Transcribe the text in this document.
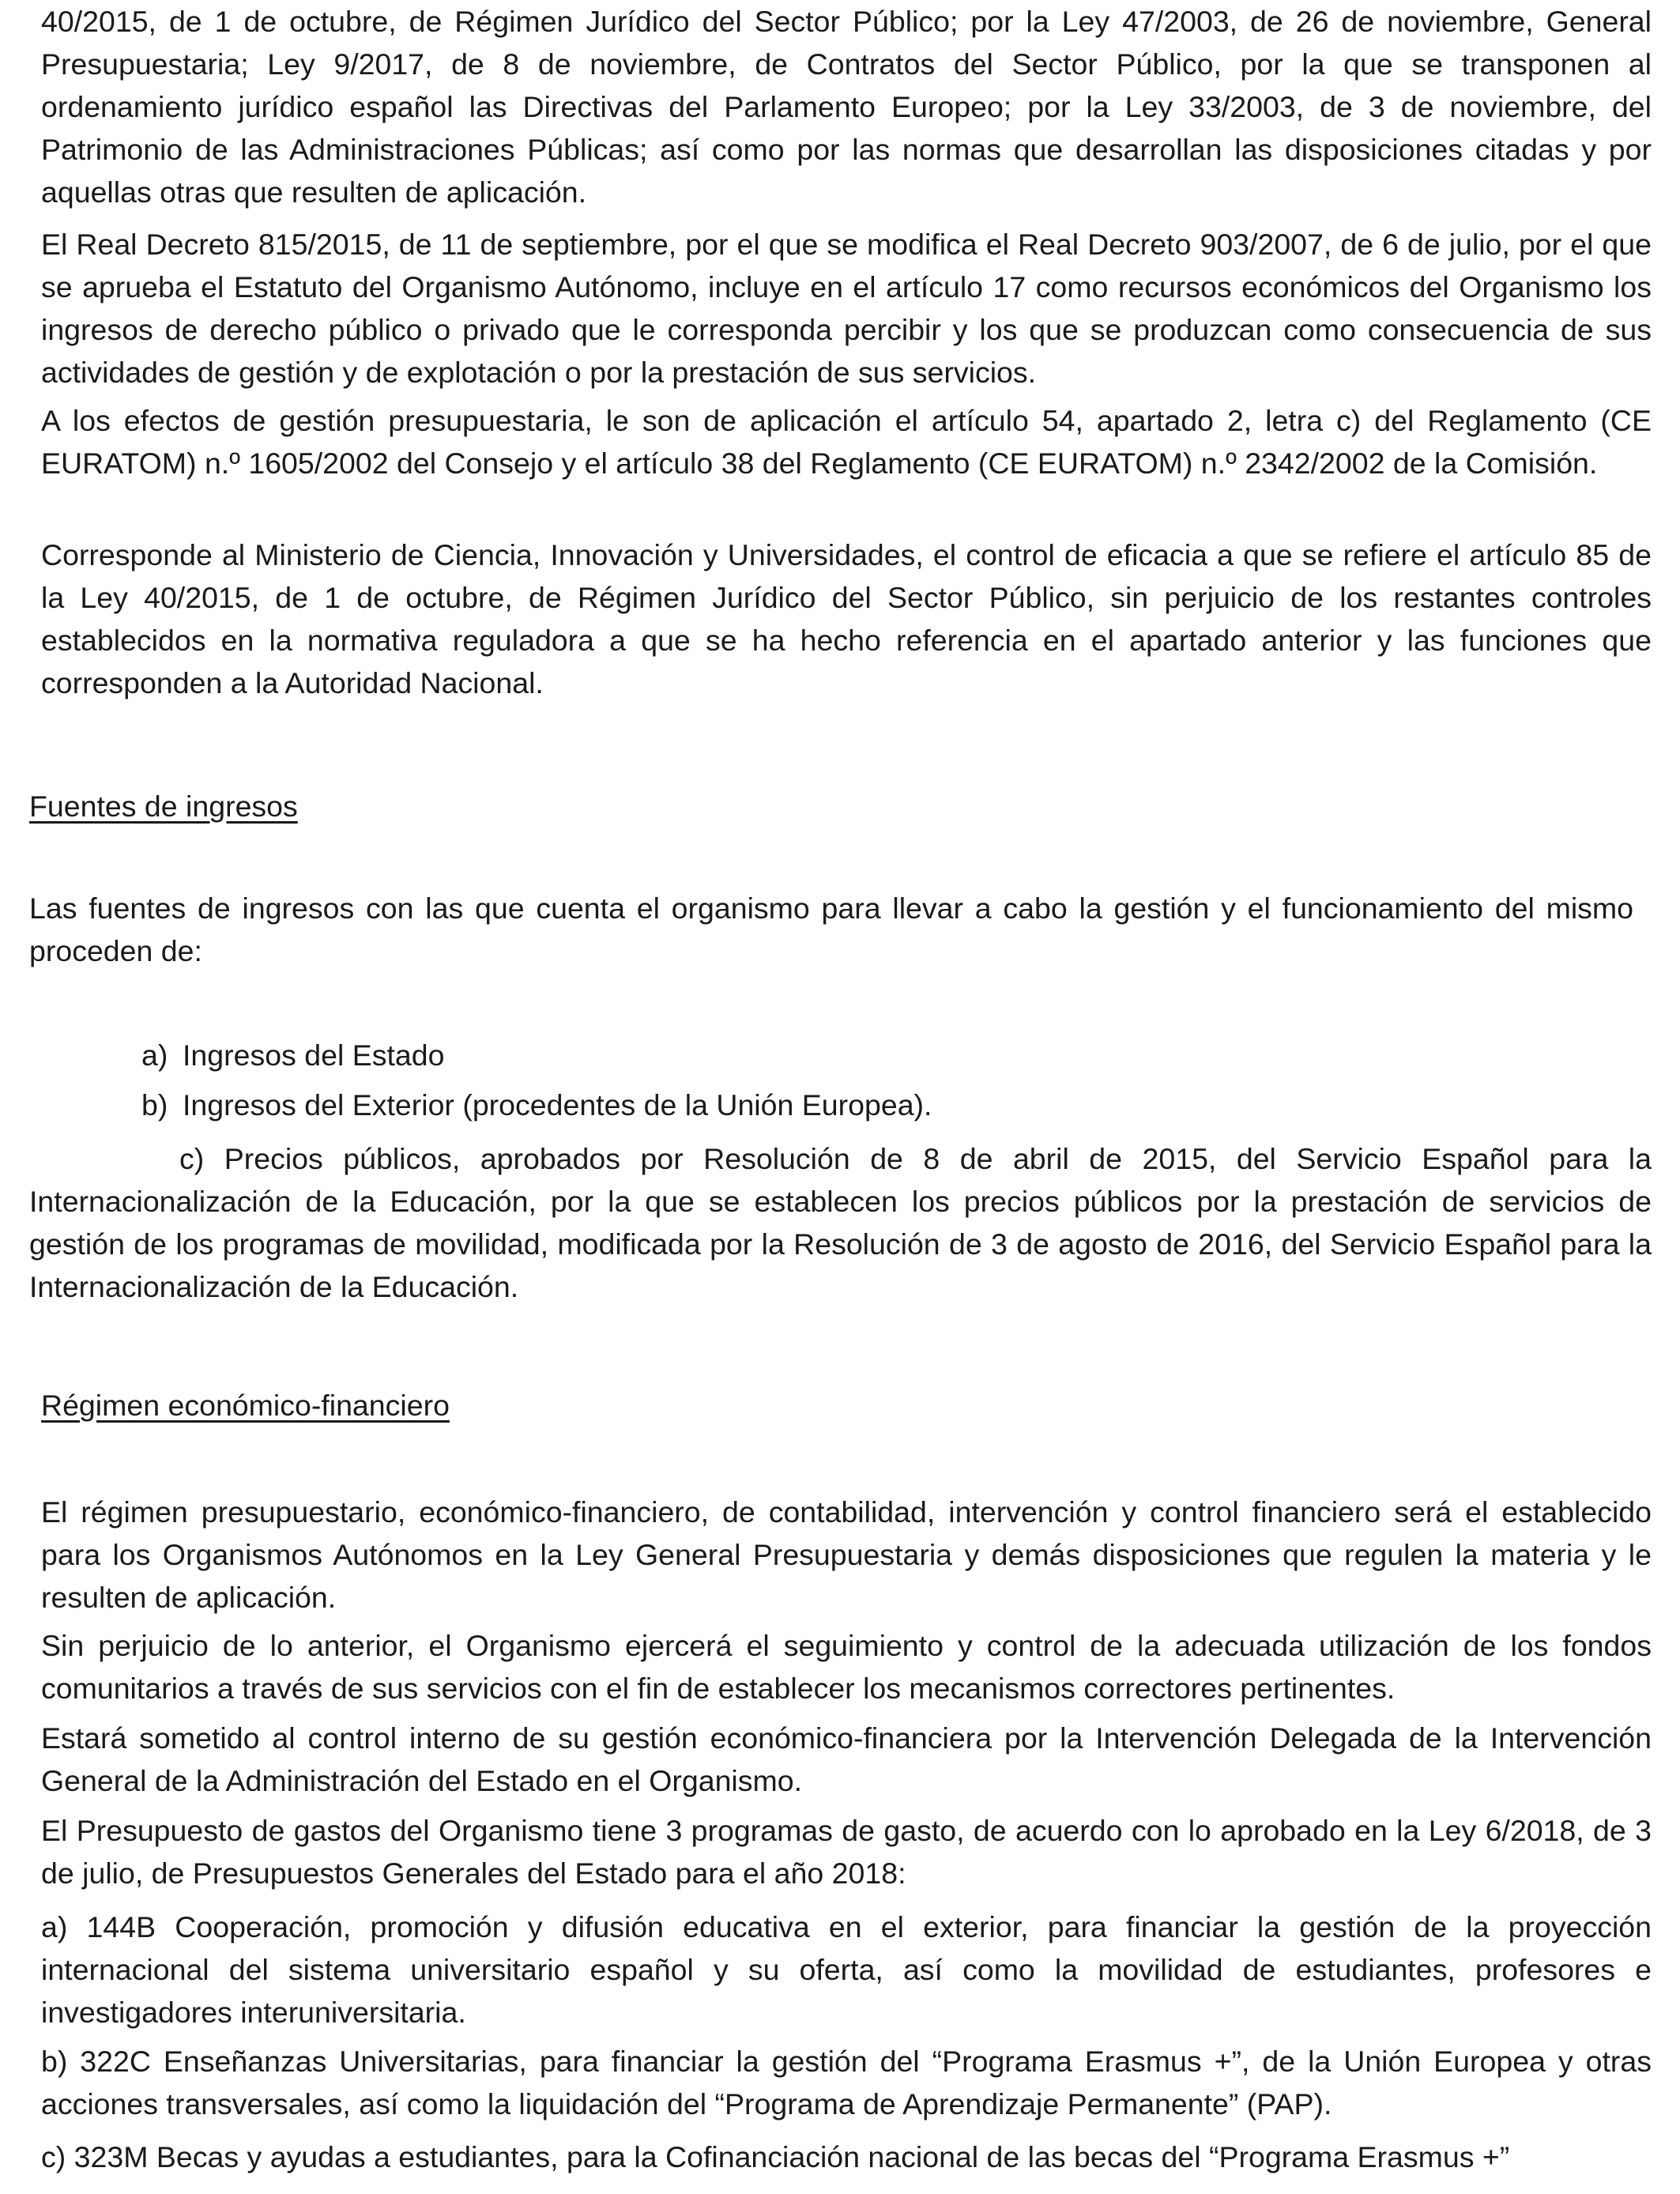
40/2015, de 1 de octubre, de Régimen Jurídico del Sector Público; por la Ley 47/2003, de 26 de noviembre, General Presupuestaria; Ley 9/2017, de 8 de noviembre, de Contratos del Sector Público, por la que se transponen al ordenamiento jurídico español las Directivas del Parlamento Europeo; por la Ley 33/2003, de 3 de noviembre, del Patrimonio de las Administraciones Públicas; así como por las normas que desarrollan las disposiciones citadas y por aquellas otras que resulten de aplicación.

El Real Decreto 815/2015, de 11 de septiembre, por el que se modifica el Real Decreto 903/2007, de 6 de julio, por el que se aprueba el Estatuto del Organismo Autónomo, incluye en el artículo 17 como recursos económicos del Organismo los ingresos de derecho público o privado que le corresponda percibir y los que se produzcan como consecuencia de sus actividades de gestión y de explotación o por la prestación de sus servicios.

A los efectos de gestión presupuestaria, le son de aplicación el artículo 54, apartado 2, letra c) del Reglamento (CE EURATOM) n.º 1605/2002 del Consejo y el artículo 38 del Reglamento (CE EURATOM) n.º 2342/2002 de la Comisión.

Corresponde al Ministerio de Ciencia, Innovación y Universidades, el control de eficacia a que se refiere el artículo 85 de la Ley 40/2015, de 1 de octubre, de Régimen Jurídico del Sector Público, sin perjuicio de los restantes controles establecidos en la normativa reguladora a que se ha hecho referencia en el apartado anterior y las funciones que corresponden a la Autoridad Nacional.

Fuentes de ingresos

Las fuentes de ingresos con las que cuenta el organismo para llevar a cabo la gestión y el funcionamiento del mismo proceden de:

a) Ingresos del Estado

b) Ingresos del Exterior (procedentes de la Unión Europea).

c) Precios públicos, aprobados por Resolución de 8 de abril de 2015, del Servicio Español para la Internacionalización de la Educación, por la que se establecen los precios públicos por la prestación de servicios de gestión de los programas de movilidad, modificada por la Resolución de 3 de agosto de 2016, del Servicio Español para la Internacionalización de la Educación.

Régimen económico-financiero

El régimen presupuestario, económico-financiero, de contabilidad, intervención y control financiero será el establecido para los Organismos Autónomos en la Ley General Presupuestaria y demás disposiciones que regulen la materia y le resulten de aplicación.

Sin perjuicio de lo anterior, el Organismo ejercerá el seguimiento y control de la adecuada utilización de los fondos comunitarios a través de sus servicios con el fin de establecer los mecanismos correctores pertinentes.

Estará sometido al control interno de su gestión económico-financiera por la Intervención Delegada de la Intervención General de la Administración del Estado en el Organismo.

El Presupuesto de gastos del Organismo tiene 3 programas de gasto, de acuerdo con lo aprobado en la Ley 6/2018, de 3 de julio, de Presupuestos Generales del Estado para el año 2018:

a) 144B Cooperación, promoción y difusión educativa en el exterior, para financiar la gestión de la proyección internacional del sistema universitario español y su oferta, así como la movilidad de estudiantes, profesores e investigadores interuniversitaria.

b) 322C Enseñanzas Universitarias, para financiar la gestión del “Programa Erasmus +”, de la Unión Europea y otras acciones transversales, así como la liquidación del “Programa de Aprendizaje Permanente” (PAP).

c) 323M Becas y ayudas a estudiantes, para la Cofinanciación nacional de las becas del “Programa Erasmus +”
